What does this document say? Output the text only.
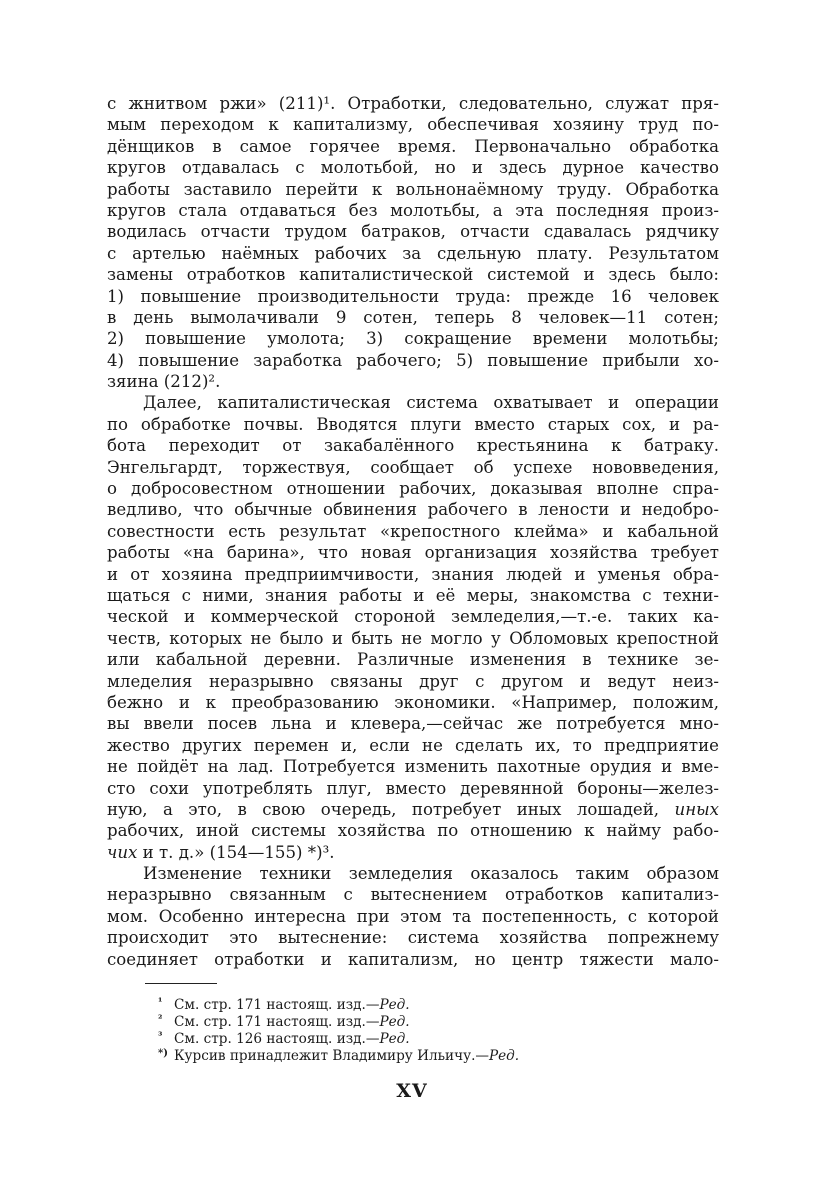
с жнитвом ржи» (211)¹. Отработки, следовательно, служат пря-
мым переходом к капитализму, обеспечивая хозяину труд по-
дёнщиков в самое горячее время. Первоначально обработка
кругов отдавалась с молотьбой, но и здесь дурное качество
работы заставило перейти к вольнонаёмному труду. Обработка
кругов стала отдаваться без молотьбы, а эта последняя произ-
водилась отчасти трудом батраков, отчасти сдавалась рядчику
с артелью наёмных рабочих за сдельную плату. Результатом
замены отработков капиталистической системой и здесь было:
1) повышение производительности труда: прежде 16 человек
в день вымолачивали 9 сотен, теперь 8 человек—11 сотен;
2) повышение умолота; 3) сокращение времени молотьбы;
4) повышение заработка рабочего; 5) повышение прибыли хо-
зяина (212)².
Далее, капиталистическая система охватывает и операции
по обработке почвы. Вводятся плуги вместо старых сох, и ра-
бота переходит от закабалённого крестьянина к батраку.
Энгельгардт, торжествуя, сообщает об успехе нововведения,
о добросовестном отношении рабочих, доказывая вполне спра-
ведливо, что обычные обвинения рабочего в лености и недобро-
совестности есть результат «крепостного клейма» и кабальной
работы «на барина», что новая организация хозяйства требует
и от хозяина предприимчивости, знания людей и уменья обра-
щаться с ними, знания работы и её меры, знакомства с техни-
ческой и коммерческой стороной земледелия,—т.-е. таких ка-
честв, которых не было и быть не могло у Обломовых крепостной
или кабальной деревни. Различные изменения в технике зе-
мледелия неразрывно связаны друг с другом и ведут неиз-
бежно и к преобразованию экономики. «Например, положим,
вы ввели посев льна и клевера,—сейчас же потребуется мно-
жество других перемен и, если не сделать их, то предприятие
не пойдёт на лад. Потребуется изменить пахотные орудия и вме-
сто сохи употреблять плуг, вместо деревянной бороны—желез-
ную, а это, в свою очередь, потребует иных лошадей, иных
рабочих, иной системы хозяйства по отношению к найму рабо-
чих и т. д.» (154—155) *)³.
Изменение техники земледелия оказалось таким образом
неразрывно связанным с вытеснением отработков капитализ-
мом. Особенно интересна при этом та постепенность, с которой
происходит это вытеснение: система хозяйства попрежнему
соединяет отработки и капитализм, но центр тяжести мало-
¹ См. стр. 171 настоящ. изд.—Ред.
² См. стр. 171 настоящ. изд.—Ред.
³ См. стр. 126 настоящ. изд.—Ред.
*) Курсив принадлежит Владимиру Ильичу.—Ред.
XV
